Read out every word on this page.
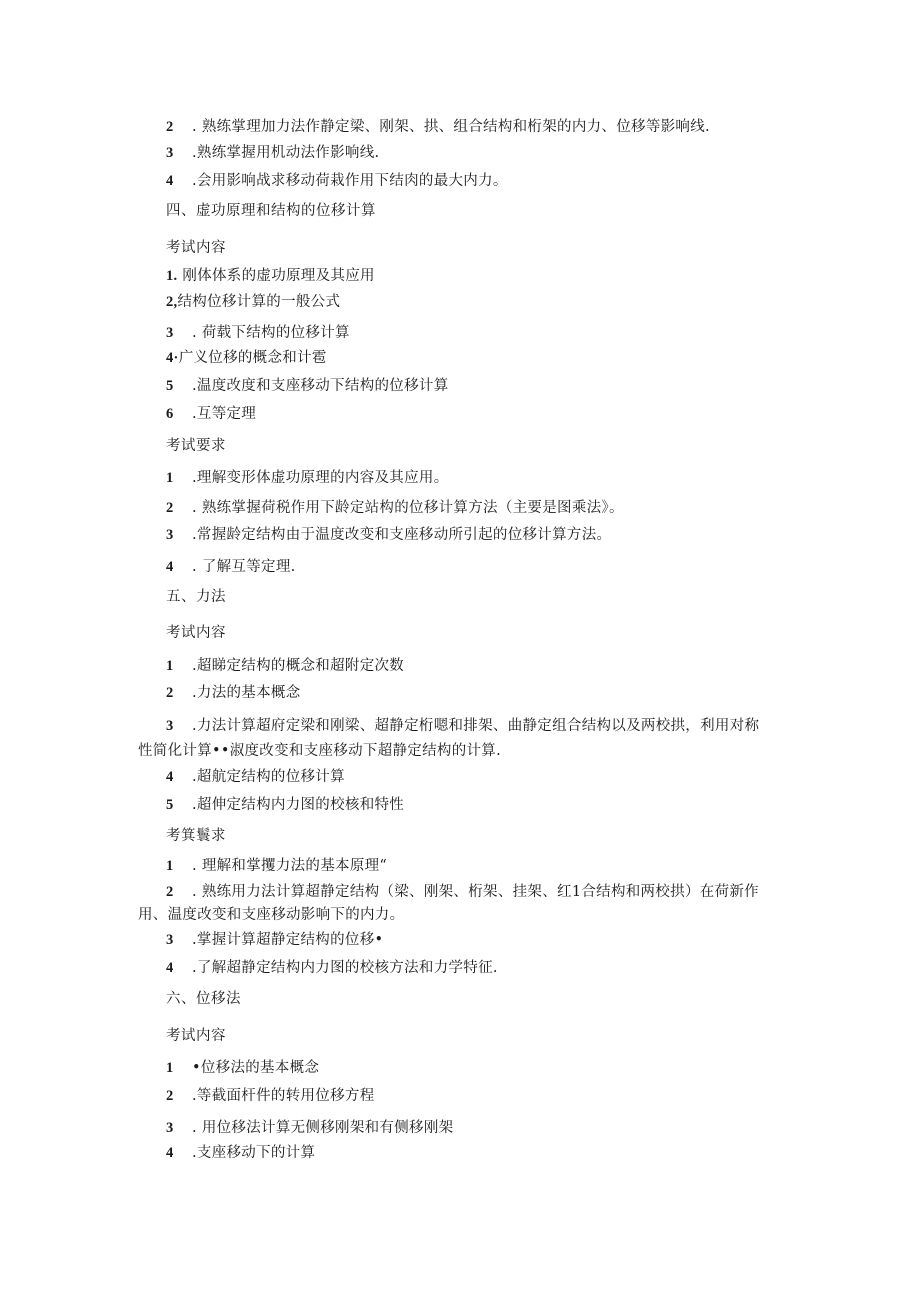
2 . 熟练掌理加力法作静定梁、刚架、拱、组合结构和桁架的内力、位移等影响线.
3 .熟练掌握用机动法作影响线.
4 .会用影响战求移动荷栽作用下结肉的最大内力。
四、虚功原理和结构的位移计算
考试内容
1. 刚体体系的虚功原理及其应用
2,结构位移计算的一般公式
3 . 荷载下结构的位移计算
4·广义位移的概念和计雹
5 .温度改度和支座移动下结构的位移计算
6 .互等定理
考试要求
1 .理解变形体虚功原理的内容及其应用。
2 . 熟练掌握荷税作用下龄定站构的位移计算方法（主要是图乘法》。
3 .常握龄定结构由于温度改变和支座移动所引起的位移计算方法。
4 . 了解互等定理.
五、力法
考试内容
1 .超睇定结构的概念和超附定次数
2 .力法的基本概念
3 .力法计算超府定梁和刚梁、超静定桁嗯和排架、曲静定组合结构以及两校拱，利用对称
性简化计算••淑度改变和支座移动下超静定结构的计算.
4 .超航定结构的位移计算
5 .超伸定结构内力图的校核和特性
考箕鬟求
1 . 理解和掌攫力法的基本原理“
2 . 熟练用力法计算超静定结构（梁、刚架、桁架、挂架、红1合结构和两校拱）在荷新作
用、温度改变和支座移动影响下的内力。
3 .掌握计算超静定结构的位移•
4 .了解超静定结构内力图的校核方法和力学特征.
六、位移法
考试内容
1 •位移法的基本概念
2 .等截面杆件的转用位移方程
3 . 用位移法计算无侧移刚架和有侧移刚架
4 .支座移动下的计算
